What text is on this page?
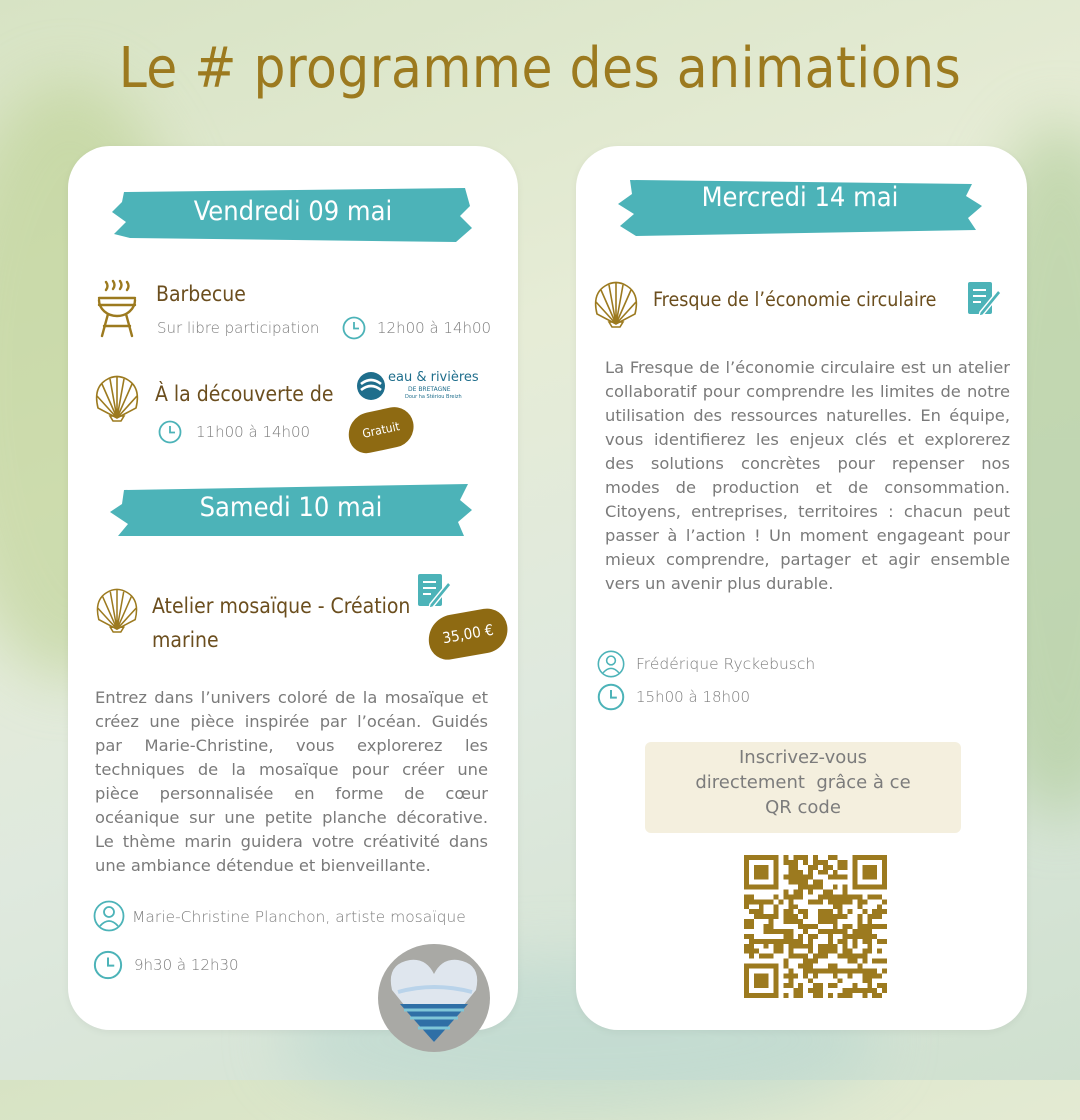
Le # programme des animations
Vendredi 09 mai
Barbecue
Sur libre participation	12h00 à 14h00
À la découverte de
eau & rivières
DE BRETAGNE
Dour ha Stêriou Breizh
11h00 à 14h00	Gratuit
Samedi 10 mai
Atelier mosaïque - Création
marine	35,00 €
Entrez dans l’univers coloré de la mosaïque et créez une pièce inspirée par l’océan. Guidés par Marie-Christine, vous explorerez les techniques de la mosaïque pour créer une pièce personnalisée en forme de cœur océanique sur une petite planche décorative. Le thème marin guidera votre créativité dans une ambiance détendue et bienveillante.
Marie-Christine Planchon, artiste mosaïque
9h30 à 12h30
Mercredi 14 mai
Fresque de l’économie circulaire
La Fresque de l’économie circulaire est un atelier collaboratif pour comprendre les limites de notre utilisation des ressources naturelles. En équipe, vous identifierez les enjeux clés et explorerez des solutions concrètes pour repenser nos modes de production et de consommation. Citoyens, entreprises, territoires : chacun peut passer à l’action ! Un moment engageant pour mieux comprendre, partager et agir ensemble vers un avenir plus durable.
Frédérique Ryckebusch
15h00 à 18h00
Inscrivez-vous
directement  grâce à ce
QR code
